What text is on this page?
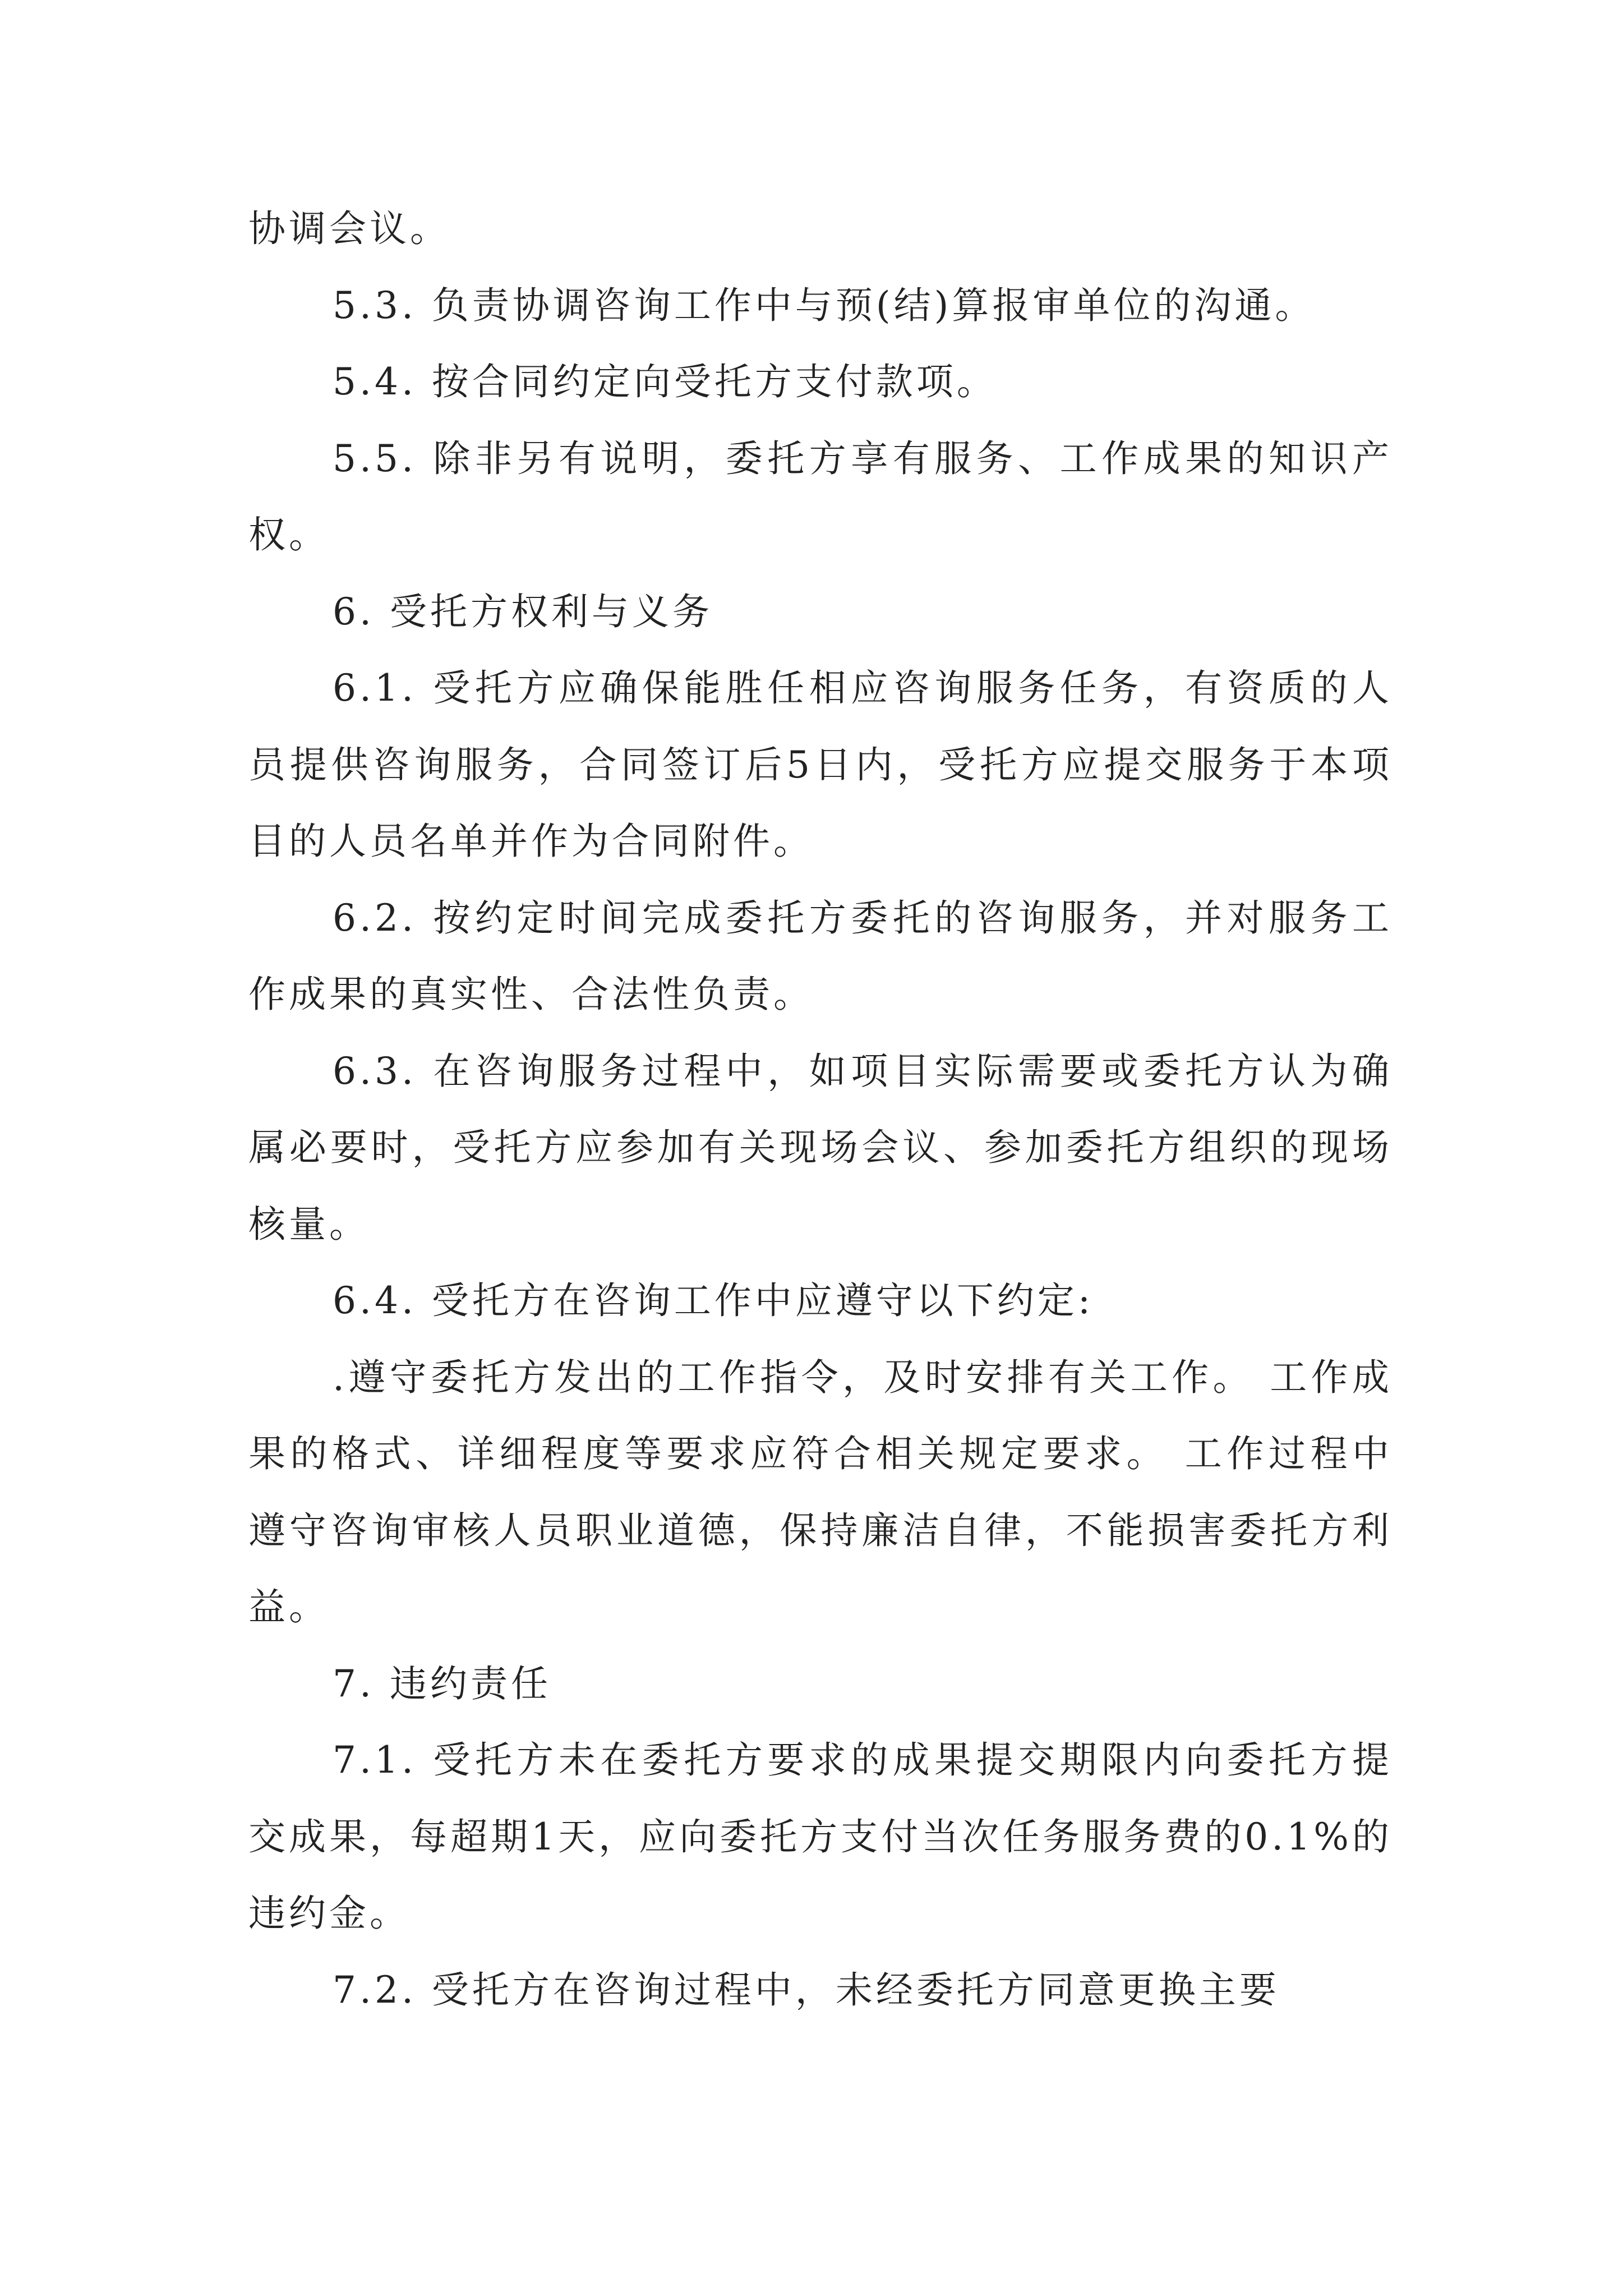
协调会议。

5.3. 负责协调咨询工作中与预(结)算报审单位的沟通。

5.4. 按合同约定向受托方支付款项。

5.5. 除非另有说明，委托方享有服务、工作成果的知识产权。

6. 受托方权利与义务

6.1. 受托方应确保能胜任相应咨询服务任务，有资质的人员提供咨询服务，合同签订后5日内，受托方应提交服务于本项目的人员名单并作为合同附件。

6.2. 按约定时间完成委托方委托的咨询服务，并对服务工作成果的真实性、合法性负责。

6.3. 在咨询服务过程中，如项目实际需要或委托方认为确属必要时，受托方应参加有关现场会议、参加委托方组织的现场核量。

6.4. 受托方在咨询工作中应遵守以下约定:

.遵守委托方发出的工作指令，及时安排有关工作。 工作成果的格式、详细程度等要求应符合相关规定要求。 工作过程中遵守咨询审核人员职业道德，保持廉洁自律，不能损害委托方利益。

7. 违约责任

7.1. 受托方未在委托方要求的成果提交期限内向委托方提交成果，每超期1天，应向委托方支付当次任务服务费的0.1%的违约金。

7.2. 受托方在咨询过程中，未经委托方同意更换主要
